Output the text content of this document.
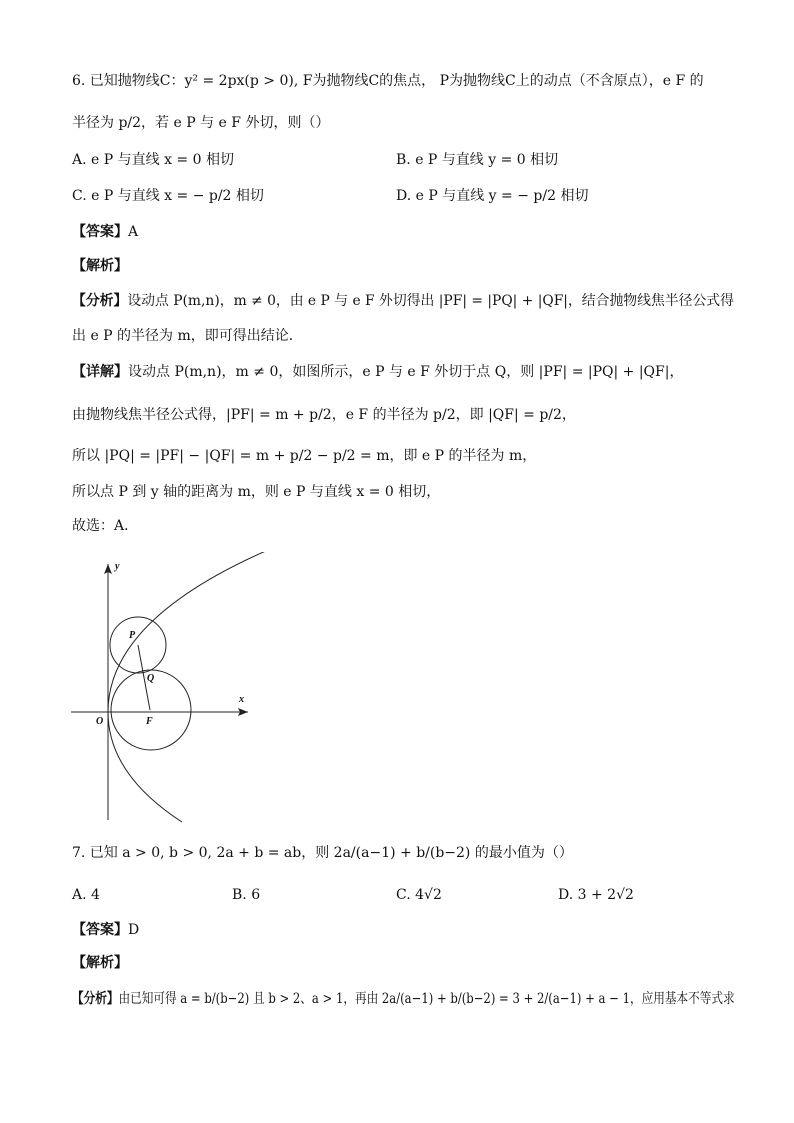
6. 已知抛物线C：y² = 2px(p > 0), F为抛物线C的焦点， P为抛物线C上的动点（不含原点），e F 的
半径为 p/2，若 e P 与 e F 外切，则（）
A. e P 与直线 x = 0 相切	B. e P 与直线 y = 0 相切
C. e P 与直线 x = − p/2 相切	D. e P 与直线 y = − p/2 相切
【答案】A
【解析】
【分析】设动点 P(m,n)，m ≠ 0，由 e P 与 e F 外切得出 |PF| = |PQ| + |QF|，结合抛物线焦半径公式得
出 e P 的半径为 m，即可得出结论．
【详解】设动点 P(m,n)，m ≠ 0，如图所示，e P 与 e F 外切于点 Q，则 |PF| = |PQ| + |QF|，
由抛物线焦半径公式得，|PF| = m + p/2，e F 的半径为 p/2，即 |QF| = p/2，
所以 |PQ| = |PF| − |QF| = m + p/2 − p/2 = m，即 e P 的半径为 m，
所以点 P 到 y 轴的距离为 m，则 e P 与直线 x = 0 相切，
故选：A．
y
x
P
Q
O	F
7. 已知 a > 0, b > 0, 2a + b = ab，则 2a/(a−1) + b/(b−2) 的最小值为（）
A. 4	B. 6	C. 4√2	D. 3 + 2√2
【答案】D
【解析】
【分析】由已知可得 a = b/(b−2) 且 b > 2、a > 1，再由 2a/(a−1) + b/(b−2) = 3 + 2/(a−1) + a − 1，应用基本不等式求
